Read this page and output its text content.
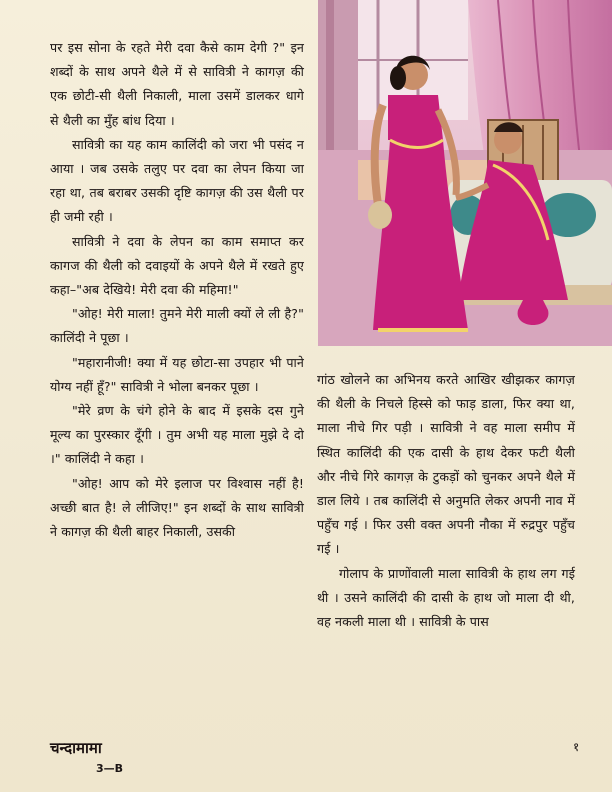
पर इस सोना के रहते मेरी दवा कैसे काम देगी ?" इन शब्दों के साथ अपने थैले में से सावित्री ने कागज़ की एक छोटी-सी थैली निकाली, माला उसमें डालकर धागे से थैली का मुँह बांध दिया ।

सावित्री का यह काम कालिंदी को जरा भी पसंद न आया । जब उसके तलुए पर दवा का लेपन किया जा रहा था, तब बराबर उसकी दृष्टि कागज़ की उस थैली पर ही जमी रही ।

सावित्री ने दवा के लेपन का काम समाप्त कर कागज की थैली को दवाइयों के अपने थैले में रखते हुए कहा–"अब देखिये! मेरी दवा की महिमा!"

"ओह! मेरी माला! तुमने मेरी माली क्यों ले ली है?" कालिंदी ने पूछा ।

"महारानीजी! क्या में यह छोटा-सा उपहार भी पाने योग्य नहीं हूँ?" सावित्री ने भोला बनकर पूछा ।

"मेरे व्रण के चंगे होने के बाद में इसके दस गुने मूल्य का पुरस्कार दूँगी । तुम अभी यह माला मुझे दे दो ।" कालिंदी ने कहा ।

"ओह! आप को मेरे इलाज पर विश्वास नहीं है! अच्छी बात है! ले लीजिए!" इन शब्दों के साथ सावित्री ने कागज़ की थैली बाहर निकाली, उसकी

गांठ खोलने का अभिनय करते आखिर खीझकर कागज़ की थैली के निचले हिस्से को फाड़ डाला, फिर क्या था, माला नीचे गिर पड़ी । सावित्री ने वह माला समीप में स्थित कालिंदी की एक दासी के हाथ देकर फटी थैली और नीचे गिरे कागज़ के टुकड़ों को चुनकर अपने थैले में डाल लिये । तब कालिंदी से अनुमति लेकर अपनी नाव में पहुँच गई । फिर उसी वक्त अपनी नौका में रुद्रपुर पहुँच गई ।

गोलाप के प्राणोंवाली माला सावित्री के हाथ लग गई थी । उसने कालिंदी की दासी के हाथ जो माला दी थी, वह नकली माला थी । सावित्री के पास

चन्दामामा
3—B
१
